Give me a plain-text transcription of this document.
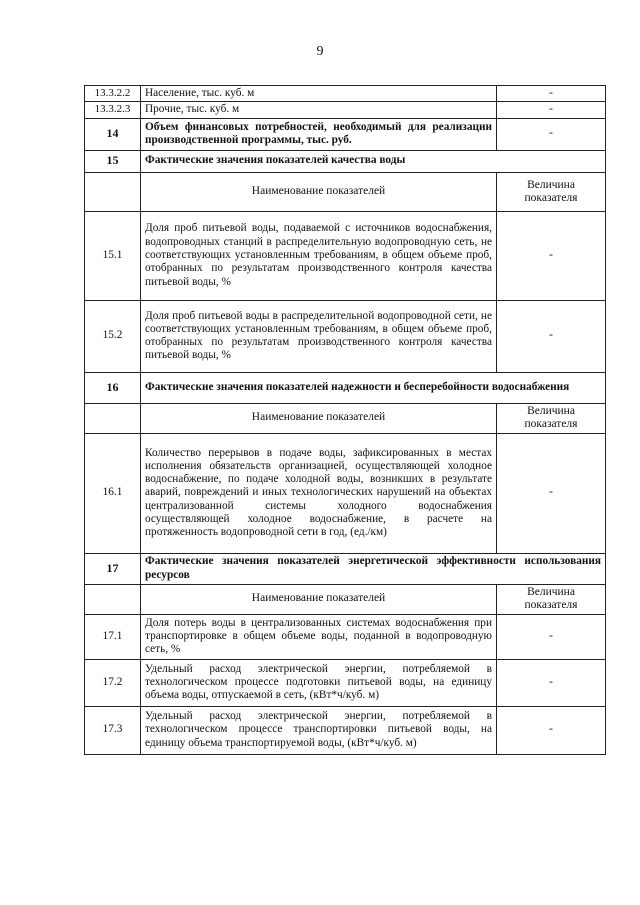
9
13.3.2.2	Население, тыс. куб. м	-
13.3.2.3	Прочие, тыс. куб. м	-
14	Объем финансовых потребностей, необходимый для реализации производственной программы, тыс. руб.	-
15	Фактические значения показателей качества воды	
	Наименование показателей	Величина показателя
15.1	Доля проб питьевой воды, подаваемой с источников водоснабжения, водопроводных станций в распределительную водопроводную сеть, не соответствующих установленным требованиям, в общем объеме проб, отобранных по результатам производственного контроля качества питьевой воды, %	-
15.2	Доля проб питьевой воды в распределительной водопроводной сети, не соответствующих установленным требованиям, в общем объеме проб, отобранных по результатам производственного контроля качества питьевой воды, %	-
16	Фактические значения показателей надежности и бесперебойности водоснабжения	
	Наименование показателей	Величина показателя
16.1	Количество перерывов в подаче воды, зафиксированных в местах исполнения обязательств организацией, осуществляющей холодное водоснабжение, по подаче холодной воды, возникших в результате аварий, повреждений и иных технологических нарушений на объектах централизованной системы холодного водоснабжения осуществляющей холодное водоснабжение, в расчете на протяженность водопроводной сети в год, (ед./км)	-
17	Фактические значения показателей энергетической эффективности использования ресурсов	
	Наименование показателей	Величина показателя
17.1	Доля потерь воды в централизованных системах водоснабжения при транспортировке в общем объеме воды, поданной в водопроводную сеть, %	-
17.2	Удельный расход электрической энергии, потребляемой в технологическом процессе подготовки питьевой воды, на единицу объема воды, отпускаемой в сеть, (кВт*ч/куб. м)	-
17.3	Удельный расход электрической энергии, потребляемой в технологическом процессе транспортировки питьевой воды, на единицу объема транспортируемой воды, (кВт*ч/куб. м)	-
